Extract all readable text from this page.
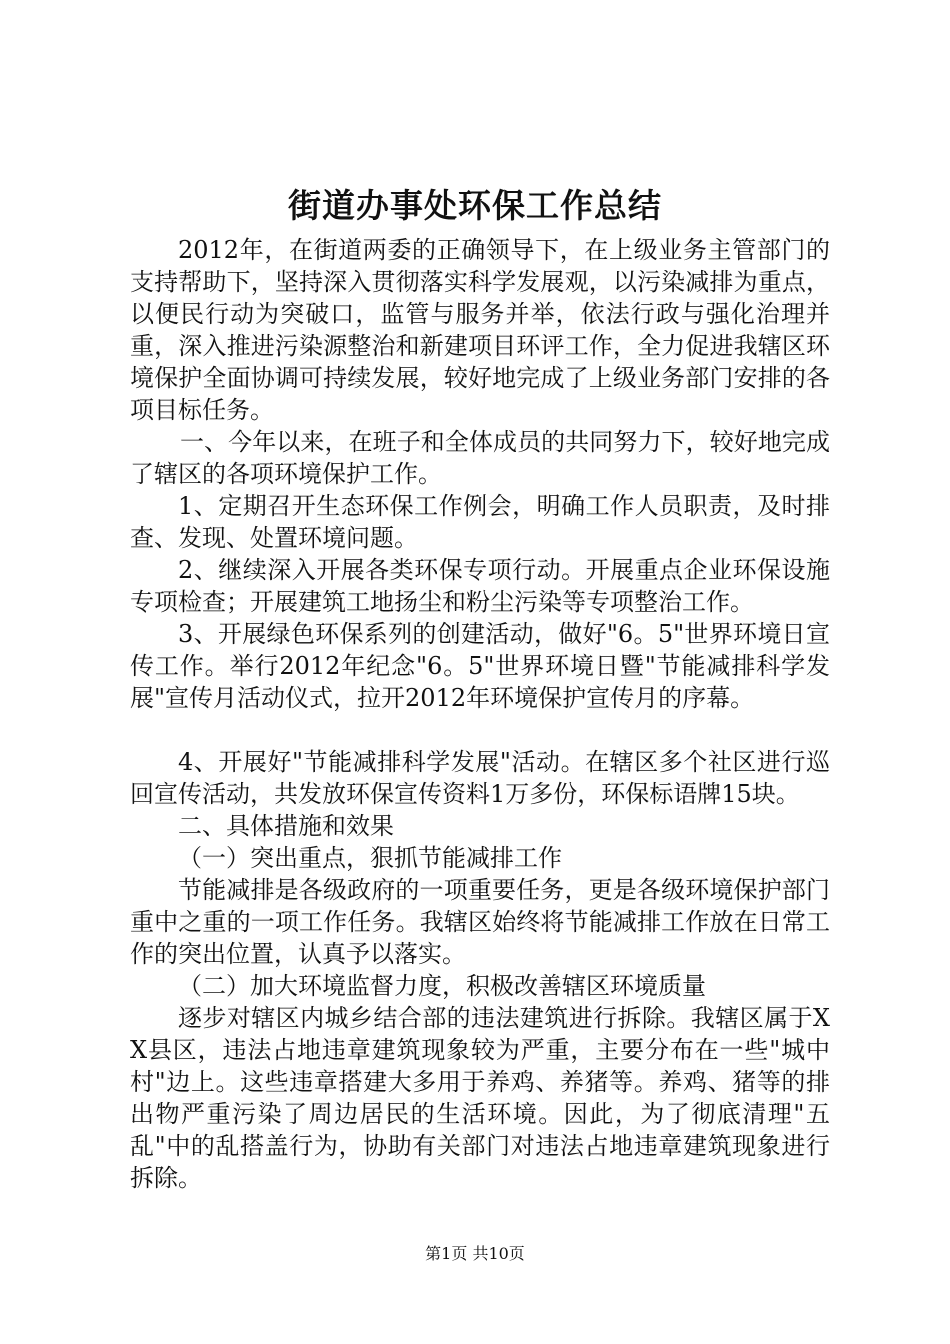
街道办事处环保工作总结

2012年，在街道两委的正确领导下，在上级业务主管部门的支持帮助下，坚持深入贯彻落实科学发展观，以污染减排为重点，以便民行动为突破口，监管与服务并举，依法行政与强化治理并重，深入推进污染源整治和新建项目环评工作，全力促进我辖区环境保护全面协调可持续发展，较好地完成了上级业务部门安排的各项目标任务。

一、今年以来，在班子和全体成员的共同努力下，较好地完成了辖区的各项环境保护工作。

1、定期召开生态环保工作例会，明确工作人员职责，及时排查、发现、处置环境问题。

2、继续深入开展各类环保专项行动。开展重点企业环保设施专项检查；开展建筑工地扬尘和粉尘污染等专项整治工作。

3、开展绿色环保系列的创建活动，做好"6。5"世界环境日宣传工作。举行2012年纪念"6。5"世界环境日暨"节能减排科学发展"宣传月活动仪式，拉开2012年环境保护宣传月的序幕。

4、开展好"节能减排科学发展"活动。在辖区多个社区进行巡回宣传活动，共发放环保宣传资料1万多份，环保标语牌15块。

二、具体措施和效果

（一）突出重点，狠抓节能减排工作

节能减排是各级政府的一项重要任务，更是各级环境保护部门重中之重的一项工作任务。我辖区始终将节能减排工作放在日常工作的突出位置，认真予以落实。

（二）加大环境监督力度，积极改善辖区环境质量

逐步对辖区内城乡结合部的违法建筑进行拆除。我辖区属于XX县区，违法占地违章建筑现象较为严重，主要分布在一些"城中村"边上。这些违章搭建大多用于养鸡、养猪等。养鸡、猪等的排出物严重污染了周边居民的生活环境。因此，为了彻底清理"五乱"中的乱搭盖行为，协助有关部门对违法占地违章建筑现象进行拆除。

第1页 共10页
